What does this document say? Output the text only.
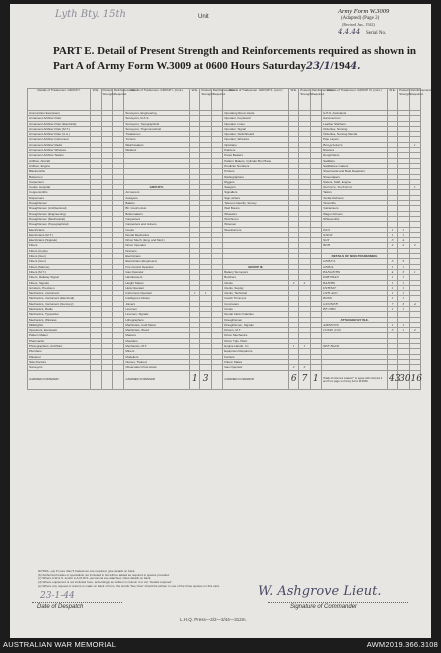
Lyth Bty. 15th	Unit
Army Form W.3009
(Adapted) (Page 2)
(Revised Jan., 1942)
4.4.44 Serial No.
PART E. Detail of Present Strength and Reinforcements required as shown in
Part A of Army Form W.3009 at 0600 Hours Saturday23/1/1944.
Details of Tradesmen. GROUP I.	W.E.	Posted Strength.	Reinforcements Required.	Details of Tradesmen. GROUP I. (cont.)	W.E.	Posted Strength.	Reinforcements Required.	Details of Tradesmen. GROUP II. (cont.)	W.E.	Posted Strength.	Reinforcements Required.	Details of Tradesmen. GROUP III. (cont.)	W.E.	Posted Strength.	Reinforcements Required.
Ammunition Examiners				Surveyors, Engineering				Operating Room Assts.				G.P.O. Assistants			
Armament Artificer Fitter				Surveyors, R.A.S.				Operator, Keyboard				Hammermen			
Armament Artificer Fitter (Electrical)				Surveyors, Topographical				Operator, Lines				Leather Stitchers			
Armament Artificer Fitter (M.T.)				Surveyors, Trigonometrical				Operator, Signal				Orderlies, Nursing			
Armament Artificer Fitter (A.A.)				Tradesmen				Operator, Switchboard				Orderlies, Nursing Mental			
Armament Artificer Instrument				Turners				Operator, Wireless				Pipe Layers			
Armament Artificer Radio				Watchmakers				Opticians				Rangetakers			1
Armament Artificer Wireless				Welders				Painters				Riveters			
Armament Artificer Station								Panel Beaters				Roughriders			
Artificer, Aircraft								Pattern Makers, Cylinder Bor Plane				Saddlers			
Artificer, Engine								Predictor Numbers				Saddletree makers			
Blacksmiths								Printers				Sheetmetal and Boat Repairers			
Boilermen								Radiographers				Shoemakers			
Carpenters								Riggers				Sisters, Staff, Engine			
Cooks, Hospital				GROUP II.				Sawyers				Starters, Technical			1
Coppersmiths				Armourers				Signallers				Tailors			
Dispensers				Assayers				Sign-writers				Textile Refiners			
Draughtsmen				Bakers				Telecom Identify, Survey				Tinsmiths			
Draughtsmen (Architectural)				Blr. Cook's Asst.				Well Borers				Vulcanisers			
Draughtsmen (Engineering)				Boilermakers				Wheelers				Wagon Drivers			
Draughtsmen (Mechanical)				Carpenters				Winchmen				Whitesmiths			
Draughtsmen (Topographical)				Carpenters and Joiners				Wiremen							
Electricians				Cooks				Woodturners				WOI	1	1	
Electricians (M.T.)				Dental Mechanics								S/SGT	1	1	
Electricians (Signals)				Driver Mech. (Eng. and Mod.)								SGT	3	4	
Fitters				Driver Operator								BDR	2	2	2
Fitters (Cycle)				Drainers											
Fitters (Gun)				Electricians								DETAILS OF NON-TRADESMEN.			
Fitters (Gun)				Electricians (Engineers)								GNR/CL	3	3	
Fitters (Marine)				Fire Control Operator				GROUP III.				GNR/A	1	1	
Fitters (M.T.)				Gas Operator				Battery Surveyors				RANGE/RS	4	3	1
Fitters, Railway Signal				Hairdressers				Butchers				PARTMAN	1	1	
Fitters, Signals				Height Takers				Clerks	2	2		BAR/RS	1	1	
Grinders, Precision				Hula Operator				Clerks, Supply				DVR/MT	1	1	
Mechanics, Instrument				Instrument Operator	1	1		Clerks, Technical				OVR AOC	1	1	
Mechanics, Instrument (Electrical)				Intelligence Duties				Coach Trimmers				BOSS	1	1	
Mechanics, Instrument (Gunnery)				Joiners				Concreters				GUNNER	7	3	4
Mechanics, Radio				Linemen				Cooks				RE ORD	1	1	
Mechanics, Typewriter				Linemen, Signals				Dental Clerk Orderlies							
Mechanics, Wireless				Lithographers				Draughtsmen				ATTACHED BY W.E.			
Millwrights				Machinists, Cold Metal				Draughtsmen, Signals				AMBICNS	1	1	
Operators, Excavator				Machinists, Wood				Drivers, M.T.				COMS (CD)	3	1	2
Pattern Maker				Masons				Driver Mechanics							
Pharmacist				Moulders				Driver Tpls. Plant							
Photographers, Aid Plant				Mechanics, M.T.				Engine Hands, I.C.	1	1		SEE BACK			
Plumbers				Miners				Equipment Repairers							
Plasterer				Modellers				Farriers							
Saw Doctors				Nurses, Trained				Fitters' Mates							
Surveyors				Observation Post Assts.				Gas Operator	2	2					
CARRIED FORWARD				CARRIED FORWARD	1	3		CARRIED FORWARD	6	7	1	Totals of columns marked * to agree with columns 4 and 5 on page 1 of Army Form W.3009.	43	30	16
NOTES—(a) If more than 5 tradesmen are required, give details on back.
(b) Authorized trades or specialists not included in list will be added as required in spaces provided.
(c) Where A.W.A.S. and/or A.A.M.W.S. personnel are attached, show details on back.
(d) Where equipment is not included here, accordingly as written in column 4 or col. 'Details required'.
(e) Where any request or returns is made on back of form, the words 'See Over' should be written in one of the three spaces on this card.
23-1-44
Date of Despatch
W. Ashgrove Lieut.
Signature of Commander
L.H.Q. Press—2/2—3/44—312m.
AUSTRALIAN WAR MEMORIAL	AWM2019.366.3108
